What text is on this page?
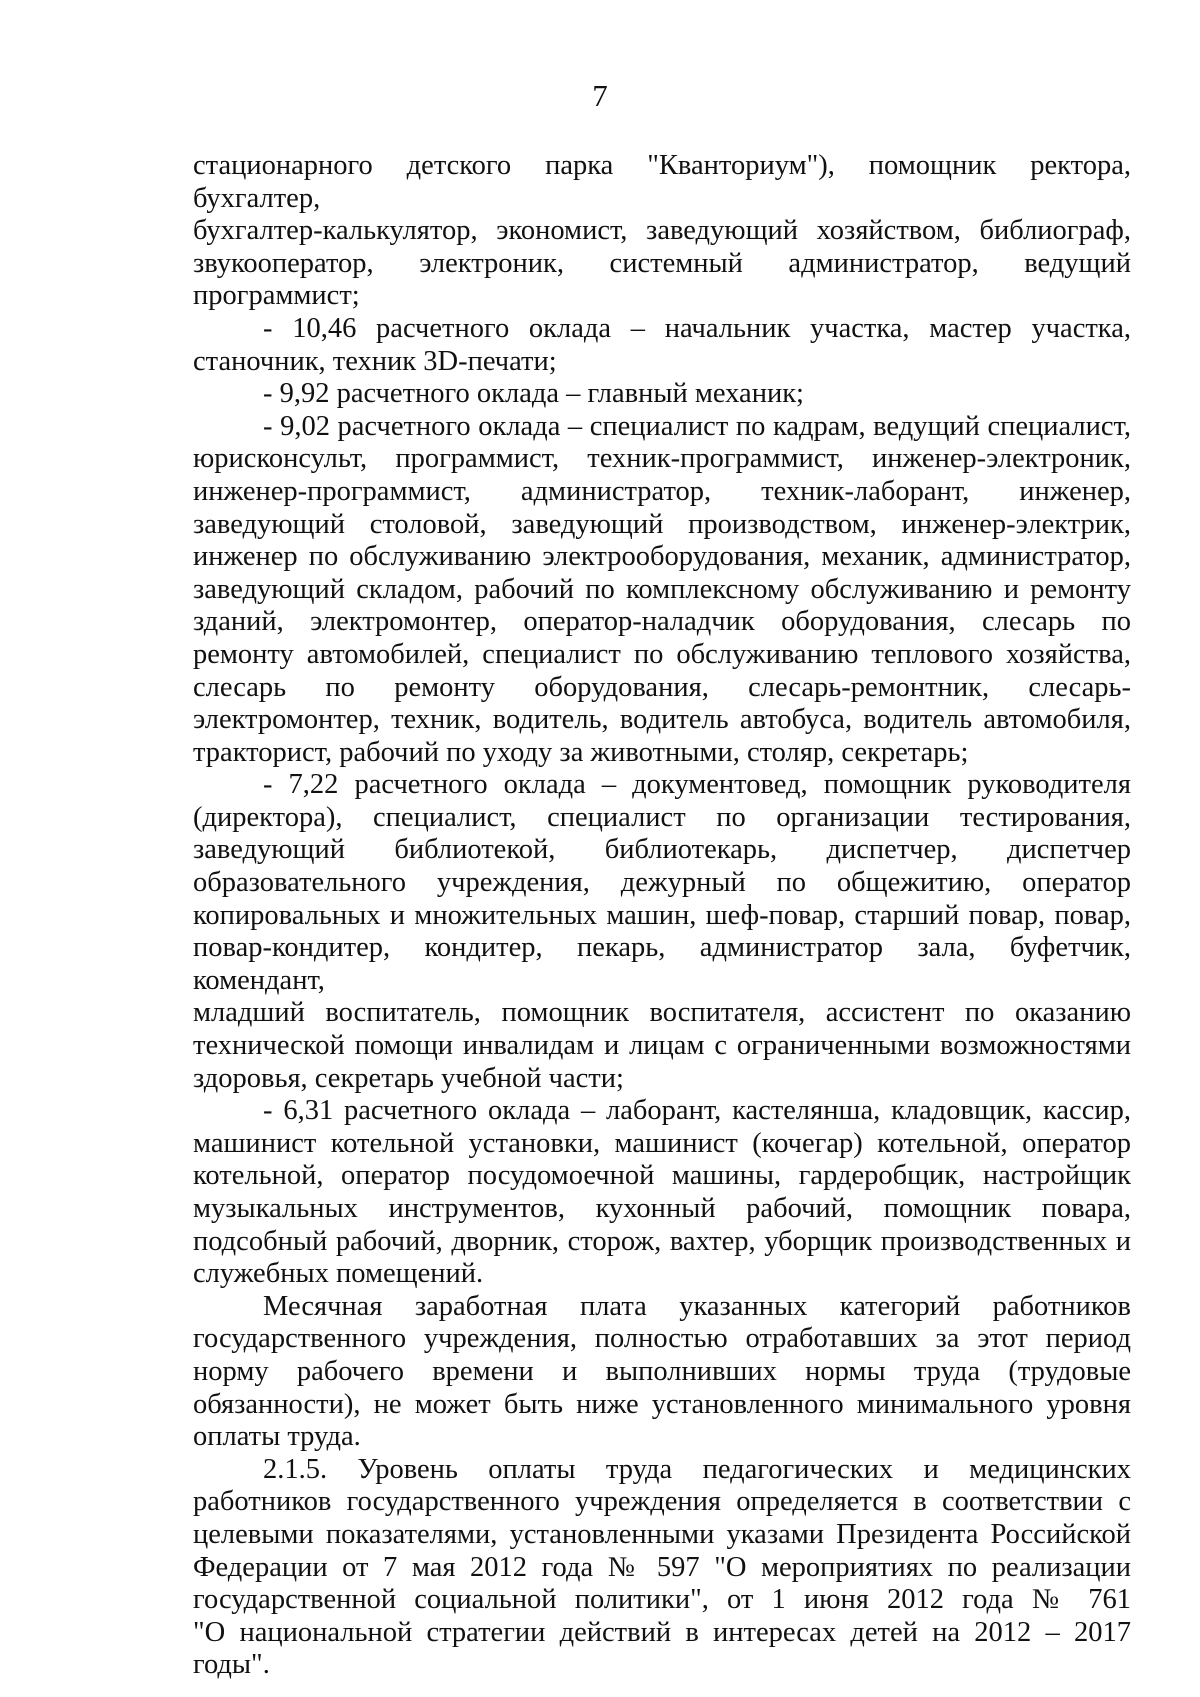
7

стационарного детского парка "Кванториум"), помощник ректора, бухгалтер,
бухгалтер-калькулятор, экономист, заведующий хозяйством, библиограф,
звукооператор, электроник, системный администратор, ведущий
программист;

- 10,46 расчетного оклада – начальник участка, мастер участка,
станочник, техник 3D-печати;

- 9,92 расчетного оклада – главный механик;

- 9,02 расчетного оклада – специалист по кадрам, ведущий специалист,
юрисконсульт, программист, техник-программист, инженер-электроник,
инженер-программист, администратор, техник-лаборант, инженер,
заведующий столовой, заведующий производством, инженер-электрик,
инженер по обслуживанию электрооборудования, механик, администратор,
заведующий складом, рабочий по комплексному обслуживанию и ремонту
зданий, электромонтер, оператор-наладчик оборудования, слесарь по
ремонту автомобилей, специалист по обслуживанию теплового хозяйства,
слесарь по ремонту оборудования, слесарь-ремонтник, слесарь-
электромонтер, техник, водитель, водитель автобуса, водитель автомобиля,
тракторист, рабочий по уходу за животными, столяр, секретарь;

- 7,22 расчетного оклада – документовед, помощник руководителя
(директора), специалист, специалист по организации тестирования,
заведующий библиотекой, библиотекарь, диспетчер, диспетчер
образовательного учреждения, дежурный по общежитию, оператор
копировальных и множительных машин, шеф-повар, старший повар, повар,
повар-кондитер, кондитер, пекарь, администратор зала, буфетчик, комендант,
младший воспитатель, помощник воспитателя, ассистент по оказанию
технической помощи инвалидам и лицам с ограниченными возможностями
здоровья, секретарь учебной части;

- 6,31 расчетного оклада – лаборант, кастелянша, кладовщик, кассир,
машинист котельной установки, машинист (кочегар) котельной, оператор
котельной, оператор посудомоечной машины, гардеробщик, настройщик
музыкальных инструментов, кухонный рабочий, помощник повара,
подсобный рабочий, дворник, сторож, вахтер, уборщик производственных и
служебных помещений.

Месячная заработная плата указанных категорий работников
государственного учреждения, полностью отработавших за этот период
норму рабочего времени и выполнивших нормы труда (трудовые
обязанности), не может быть ниже установленного минимального уровня
оплаты труда.

2.1.5. Уровень оплаты труда педагогических и медицинских
работников государственного учреждения определяется в соответствии с
целевыми показателями, установленными указами Президента Российской
Федерации от 7 мая 2012 года № 597 "О мероприятиях по реализации
государственной социальной политики", от 1 июня 2012 года № 761
"О национальной стратегии действий в интересах детей на 2012 – 2017 годы".
